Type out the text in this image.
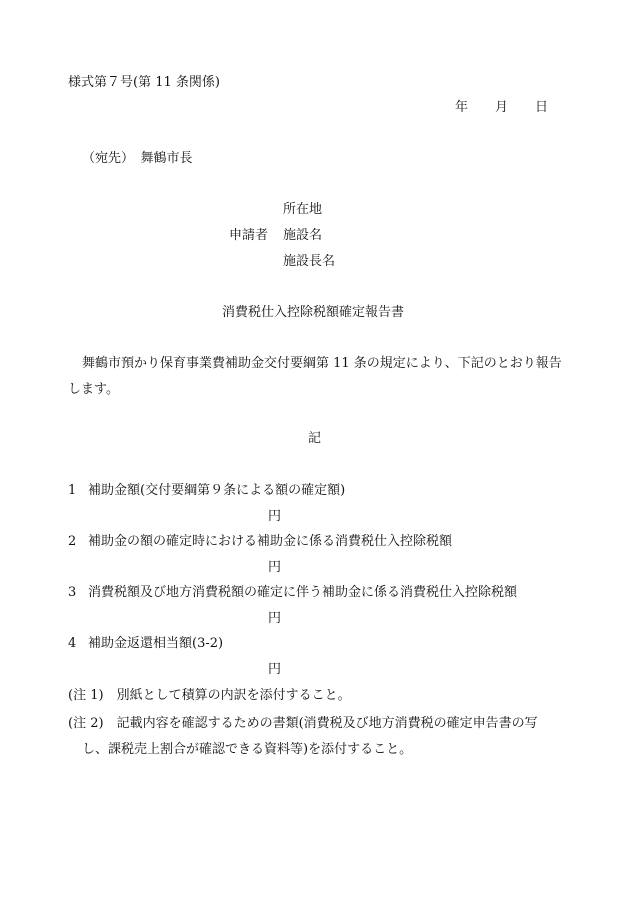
様式第７号(第 11 条関係)
年 月 日
（宛先）　舞鶴市長
所在地
申請者 施設名
施設長名
消費税仕入控除税額確定報告書
舞鶴市預かり保育事業費補助金交付要綱第 11 条の規定により、下記のとおり報告します。
記
1 補助金額(交付要綱第９条による額の確定額)
円
2 補助金の額の確定時における補助金に係る消費税仕入控除税額
円
3 消費税額及び地方消費税額の確定に伴う補助金に係る消費税仕入控除税額
円
4 補助金返還相当額(3-2)
円
(注 1)　 別紙として積算の内訳を添付すること。
(注 2)　 記載内容を確認するための書類(消費税及び地方消費税の確定申告書の写
し、課税売上割合が確認できる資料等)を添付すること。
